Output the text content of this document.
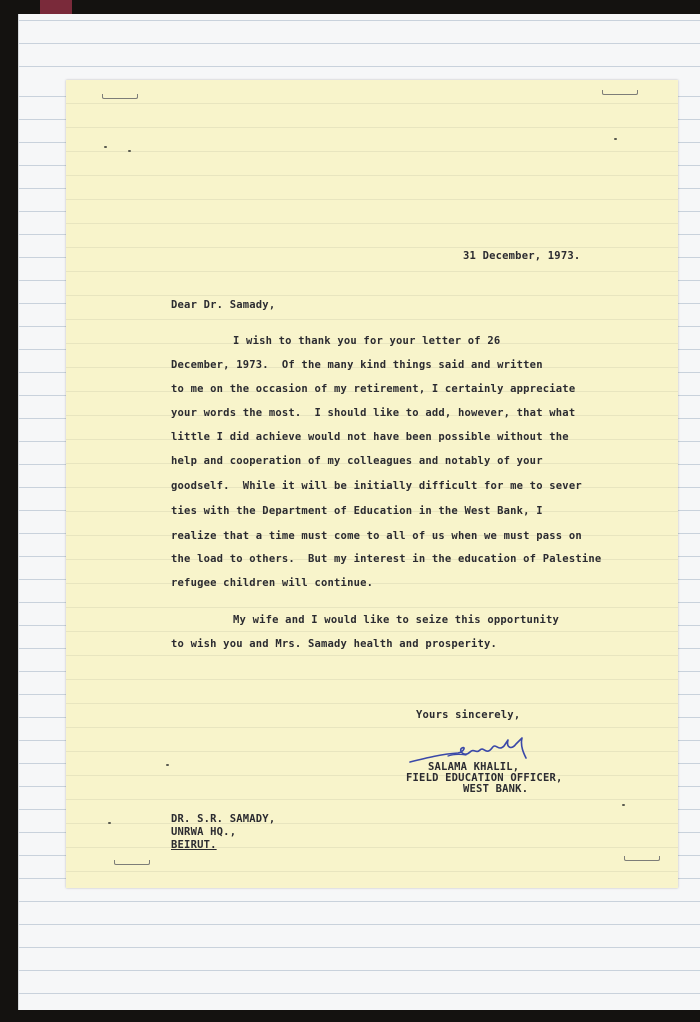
31 December, 1973.
Dear Dr. Samady,
I wish to thank you for your letter of 26
December, 1973.  Of the many kind things said and written
to me on the occasion of my retirement, I certainly appreciate
your words the most.  I should like to add, however, that what
little I did achieve would not have been possible without the
help and cooperation of my colleagues and notably of your
goodself.  While it will be initially difficult for me to sever
ties with the Department of Education in the West Bank, I
realize that a time must come to all of us when we must pass on
the load to others.  But my interest in the education of Palestine
refugee children will continue.
My wife and I would like to seize this opportunity
to wish you and Mrs. Samady health and prosperity.
Yours sincerely,
SALAMA KHALIL,
FIELD EDUCATION OFFICER,
WEST BANK.
DR. S.R. SAMADY,
UNRWA HQ.,
BEIRUT.
